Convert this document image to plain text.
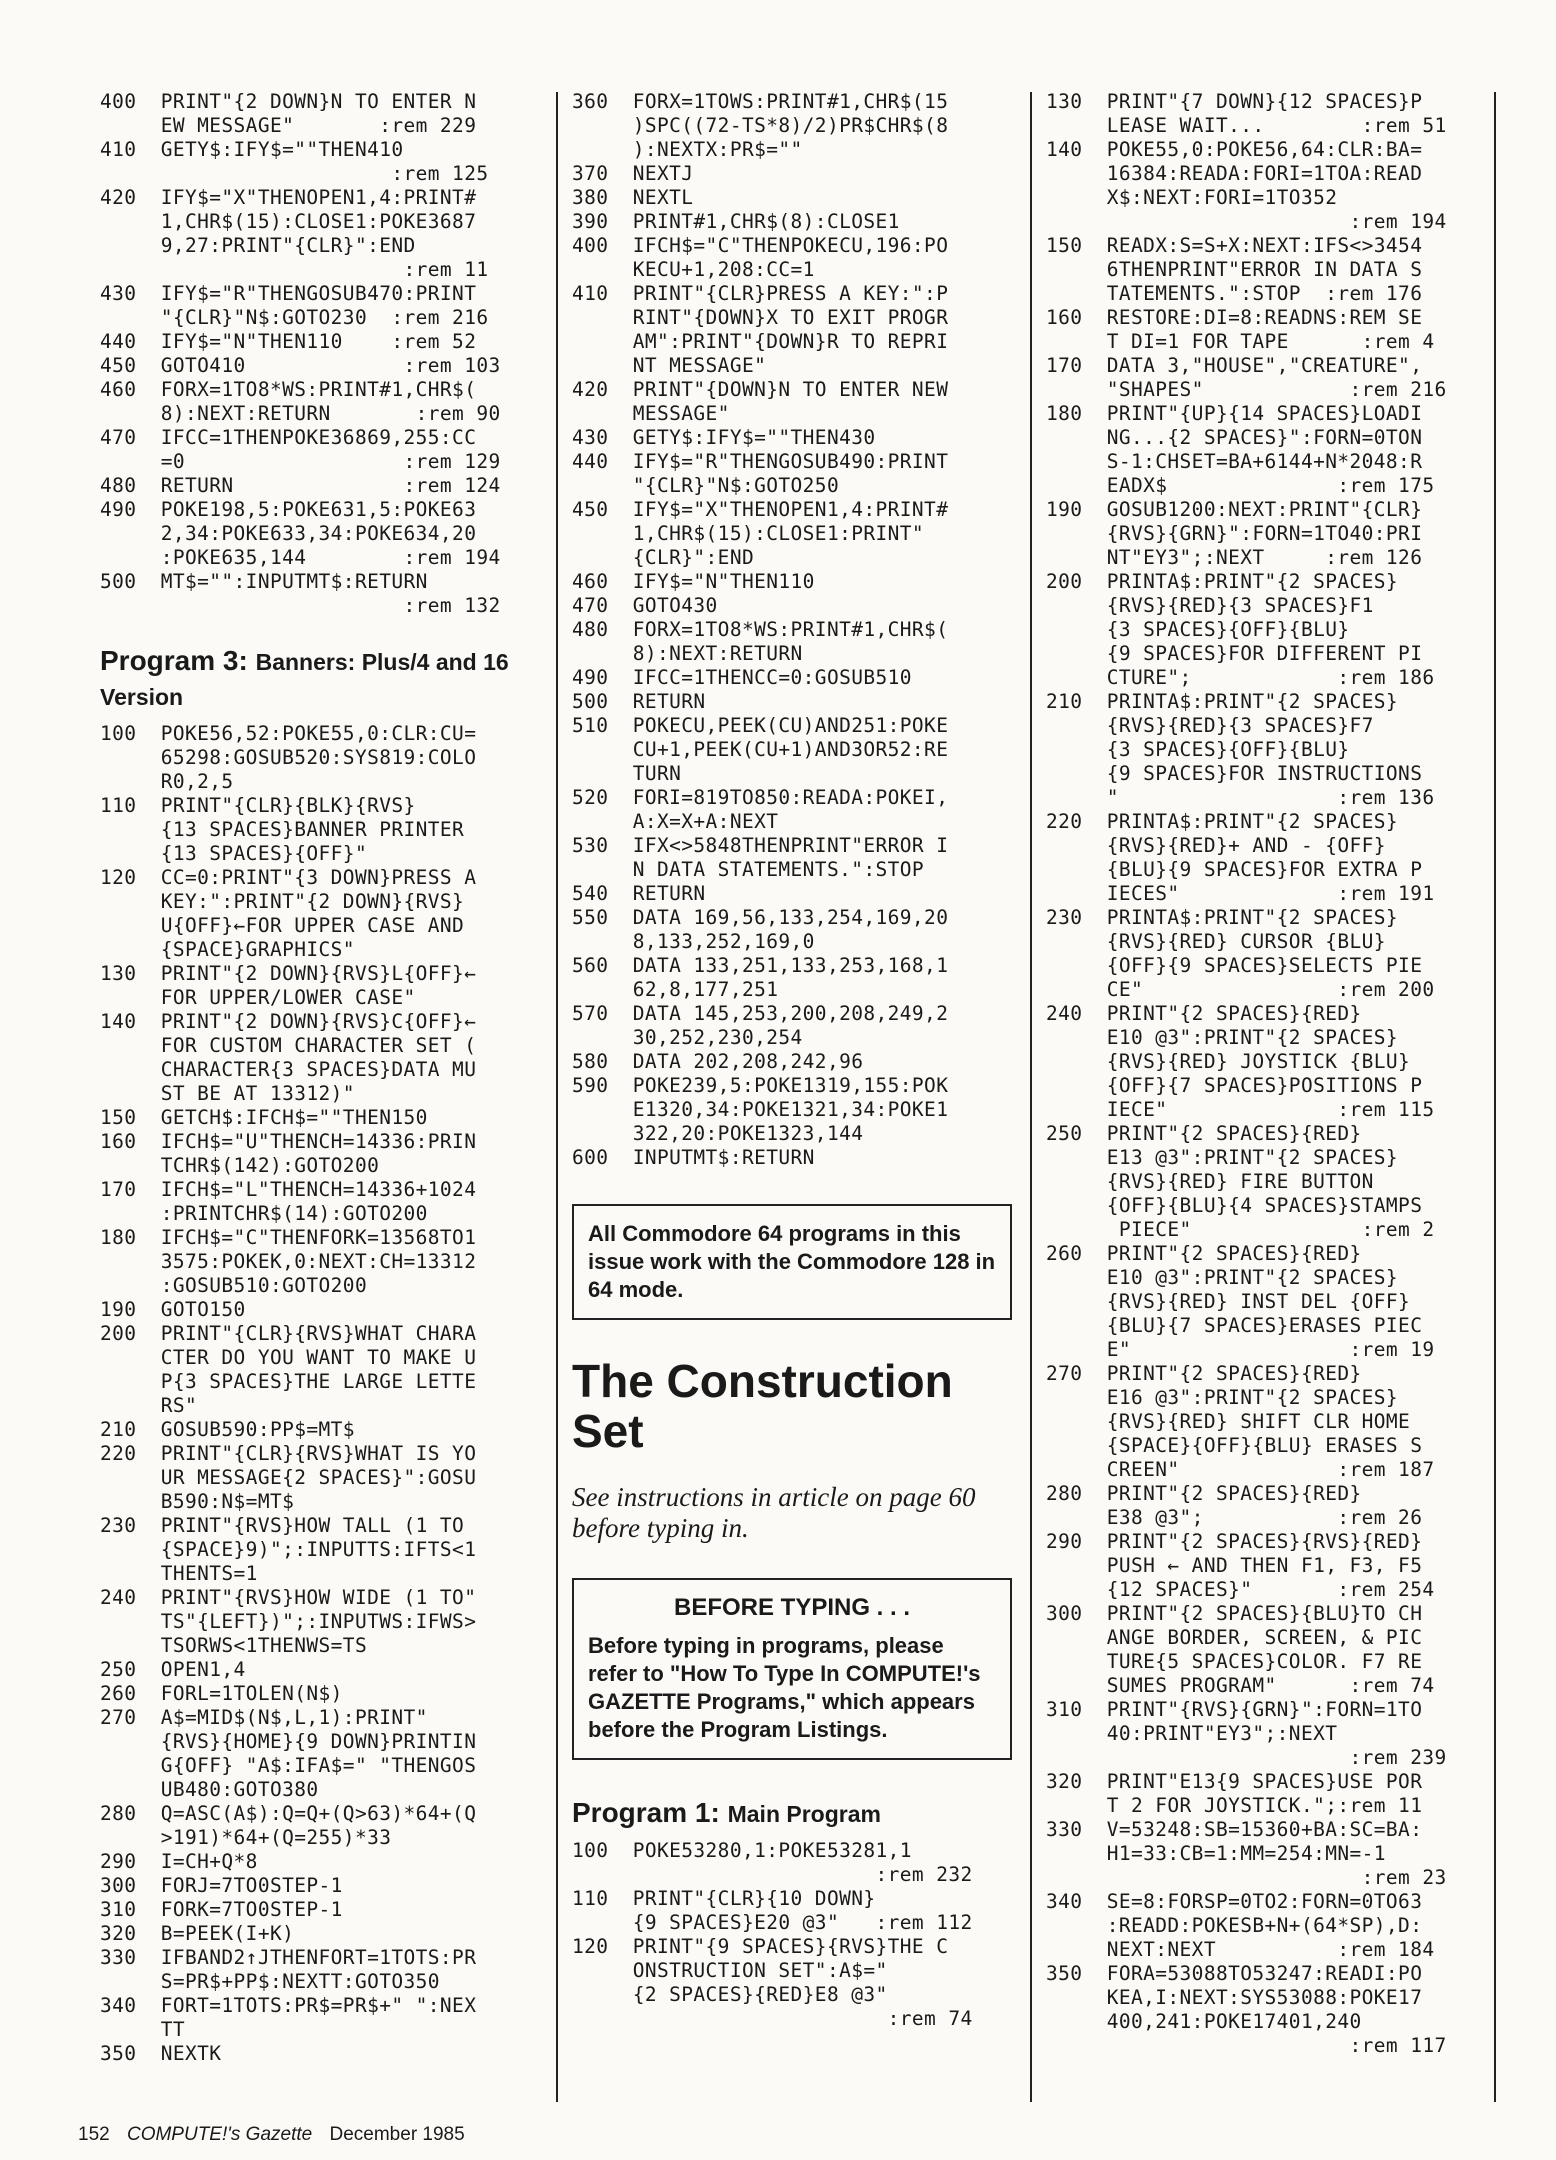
400  PRINT"{2 DOWN}N TO ENTER N
EW MESSAGE"       :rem 229
410  GETY$:IFY$=""THEN410
:rem 125
420  IFY$="X"THENOPEN1,4:PRINT#
1,CHR$(15):CLOSE1:POKE3687
9,27:PRINT"{CLR}":END
:rem 11
430  IFY$="R"THENGOSUB470:PRINT
"{CLR}"N$:GOTO230  :rem 216
440  IFY$="N"THEN110    :rem 52
450  GOTO410             :rem 103
460  FORX=1TO8*WS:PRINT#1,CHR$(
8):NEXT:RETURN       :rem 90
470  IFCC=1THENPOKE36869,255:CC
=0                  :rem 129
480  RETURN              :rem 124
490  POKE198,5:POKE631,5:POKE63
2,34:POKE633,34:POKE634,20
:POKE635,144        :rem 194
500  MT$="":INPUTMT$:RETURN
:rem 132
Program 3: Banners: Plus/4 and 16 Version
100  POKE56,52:POKE55,0:CLR:CU=
65298:GOSUB520:SYS819:COLO
R0,2,5
110  PRINT"{CLR}{BLK}{RVS}
{13 SPACES}BANNER PRINTER
{13 SPACES}{OFF}"
120  CC=0:PRINT"{3 DOWN}PRESS A
KEY:":PRINT"{2 DOWN}{RVS}
U{OFF}←FOR UPPER CASE AND
{SPACE}GRAPHICS"
130  PRINT"{2 DOWN}{RVS}L{OFF}←
FOR UPPER/LOWER CASE"
140  PRINT"{2 DOWN}{RVS}C{OFF}←
FOR CUSTOM CHARACTER SET (
CHARACTER{3 SPACES}DATA MU
ST BE AT 13312)"
150  GETCH$:IFCH$=""THEN150
160  IFCH$="U"THENCH=14336:PRIN
TCHR$(142):GOTO200
170  IFCH$="L"THENCH=14336+1024
:PRINTCHR$(14):GOTO200
180  IFCH$="C"THENFORK=13568TO1
3575:POKEK,0:NEXT:CH=13312
:GOSUB510:GOTO200
190  GOTO150
200  PRINT"{CLR}{RVS}WHAT CHARA
CTER DO YOU WANT TO MAKE U
P{3 SPACES}THE LARGE LETTE
RS"
210  GOSUB590:PP$=MT$
220  PRINT"{CLR}{RVS}WHAT IS YO
UR MESSAGE{2 SPACES}":GOSU
B590:N$=MT$
230  PRINT"{RVS}HOW TALL (1 TO
{SPACE}9)";:INPUTTS:IFTS<1
THENTS=1
240  PRINT"{RVS}HOW WIDE (1 TO"
TS"{LEFT})";:INPUTWS:IFWS>
TSORWS<1THENWS=TS
250  OPEN1,4
260  FORL=1TOLEN(N$)
270  A$=MID$(N$,L,1):PRINT"
{RVS}{HOME}{9 DOWN}PRINTIN
G{OFF} "A$:IFA$=" "THENGOS
UB480:GOTO380
280  Q=ASC(A$):Q=Q+(Q>63)*64+(Q
>191)*64+(Q=255)*33
290  I=CH+Q*8
300  FORJ=7TO0STEP-1
310  FORK=7TO0STEP-1
320  B=PEEK(I+K)
330  IFBAND2↑JTHENFORT=1TOTS:PR
S=PR$+PP$:NEXTT:GOTO350
340  FORT=1TOTS:PR$=PR$+" ":NEX
TT
350  NEXTK
360  FORX=1TOWS:PRINT#1,CHR$(15
)SPC((72-TS*8)/2)PR$CHR$(8
):NEXTX:PR$=""
370  NEXTJ
380  NEXTL
390  PRINT#1,CHR$(8):CLOSE1
400  IFCH$="C"THENPOKECU,196:PO
KECU+1,208:CC=1
410  PRINT"{CLR}PRESS A KEY:":P
RINT"{DOWN}X TO EXIT PROGR
AM":PRINT"{DOWN}R TO REPRI
NT MESSAGE"
420  PRINT"{DOWN}N TO ENTER NEW
MESSAGE"
430  GETY$:IFY$=""THEN430
440  IFY$="R"THENGOSUB490:PRINT
"{CLR}"N$:GOTO250
450  IFY$="X"THENOPEN1,4:PRINT#
1,CHR$(15):CLOSE1:PRINT"
{CLR}":END
460  IFY$="N"THEN110
470  GOTO430
480  FORX=1TO8*WS:PRINT#1,CHR$(
8):NEXT:RETURN
490  IFCC=1THENCC=0:GOSUB510
500  RETURN
510  POKECU,PEEK(CU)AND251:POKE
CU+1,PEEK(CU+1)AND3OR52:RE
TURN
520  FORI=819TO850:READA:POKEI,
A:X=X+A:NEXT
530  IFX<>5848THENPRINT"ERROR I
N DATA STATEMENTS.":STOP
540  RETURN
550  DATA 169,56,133,254,169,20
8,133,252,169,0
560  DATA 133,251,133,253,168,1
62,8,177,251
570  DATA 145,253,200,208,249,2
30,252,230,254
580  DATA 202,208,242,96
590  POKE239,5:POKE1319,155:POK
E1320,34:POKE1321,34:POKE1
322,20:POKE1323,144
600  INPUTMT$:RETURN
All Commodore 64 programs in this issue work with the Commodore 128 in 64 mode.
The Construction Set
See instructions in article on page 60 before typing in.
BEFORE TYPING . . .
Before typing in programs, please refer to "How To Type In COMPUTE!'s GAZETTE Programs," which appears before the Program Listings.
Program 1: Main Program
100  POKE53280,1:POKE53281,1
:rem 232
110  PRINT"{CLR}{10 DOWN}
{9 SPACES}E20 @3"   :rem 112
120  PRINT"{9 SPACES}{RVS}THE C
ONSTRUCTION SET":A$="
{2 SPACES}{RED}E8 @3"
:rem 74
130  PRINT"{7 DOWN}{12 SPACES}P
LEASE WAIT...        :rem 51
140  POKE55,0:POKE56,64:CLR:BA=
16384:READA:FORI=1TOA:READ
X$:NEXT:FORI=1TO352
:rem 194
150  READX:S=S+X:NEXT:IFS<>3454
6THENPRINT"ERROR IN DATA S
TATEMENTS.":STOP  :rem 176
160  RESTORE:DI=8:READNS:REM SE
T DI=1 FOR TAPE      :rem 4
170  DATA 3,"HOUSE","CREATURE",
"SHAPES"            :rem 216
180  PRINT"{UP}{14 SPACES}LOADI
NG...{2 SPACES}":FORN=0TON
S-1:CHSET=BA+6144+N*2048:R
EADX$              :rem 175
190  GOSUB1200:NEXT:PRINT"{CLR}
{RVS}{GRN}":FORN=1TO40:PRI
NT"EY3";:NEXT     :rem 126
200  PRINTA$:PRINT"{2 SPACES}
{RVS}{RED}{3 SPACES}F1
{3 SPACES}{OFF}{BLU}
{9 SPACES}FOR DIFFERENT PI
CTURE";            :rem 186
210  PRINTA$:PRINT"{2 SPACES}
{RVS}{RED}{3 SPACES}F7
{3 SPACES}{OFF}{BLU}
{9 SPACES}FOR INSTRUCTIONS
"                  :rem 136
220  PRINTA$:PRINT"{2 SPACES}
{RVS}{RED}+ AND - {OFF}
{BLU}{9 SPACES}FOR EXTRA P
IECES"             :rem 191
230  PRINTA$:PRINT"{2 SPACES}
{RVS}{RED} CURSOR {BLU}
{OFF}{9 SPACES}SELECTS PIE
CE"                :rem 200
240  PRINT"{2 SPACES}{RED}
E10 @3":PRINT"{2 SPACES}
{RVS}{RED} JOYSTICK {BLU}
{OFF}{7 SPACES}POSITIONS P
IECE"              :rem 115
250  PRINT"{2 SPACES}{RED}
E13 @3":PRINT"{2 SPACES}
{RVS}{RED} FIRE BUTTON
{OFF}{BLU}{4 SPACES}STAMPS
PIECE"              :rem 2
260  PRINT"{2 SPACES}{RED}
E10 @3":PRINT"{2 SPACES}
{RVS}{RED} INST DEL {OFF}
{BLU}{7 SPACES}ERASES PIEC
E"                  :rem 19
270  PRINT"{2 SPACES}{RED}
E16 @3":PRINT"{2 SPACES}
{RVS}{RED} SHIFT CLR HOME
{SPACE}{OFF}{BLU} ERASES S
CREEN"             :rem 187
280  PRINT"{2 SPACES}{RED}
E38 @3";           :rem 26
290  PRINT"{2 SPACES}{RVS}{RED}
PUSH ← AND THEN F1, F3, F5
{12 SPACES}"       :rem 254
300  PRINT"{2 SPACES}{BLU}TO CH
ANGE BORDER, SCREEN, & PIC
TURE{5 SPACES}COLOR. F7 RE
SUMES PROGRAM"      :rem 74
310  PRINT"{RVS}{GRN}":FORN=1TO
40:PRINT"EY3";:NEXT
:rem 239
320  PRINT"E13{9 SPACES}USE POR
T 2 FOR JOYSTICK.";:rem 11
330  V=53248:SB=15360+BA:SC=BA:
H1=33:CB=1:MM=254:MN=-1
:rem 23
340  SE=8:FORSP=0TO2:FORN=0TO63
:READD:POKESB+N+(64*SP),D:
NEXT:NEXT          :rem 184
350  FORA=53088TO53247:READI:PO
KEA,I:NEXT:SYS53088:POKE17
400,241:POKE17401,240
:rem 117
152 COMPUTE!'s Gazette December 1985
